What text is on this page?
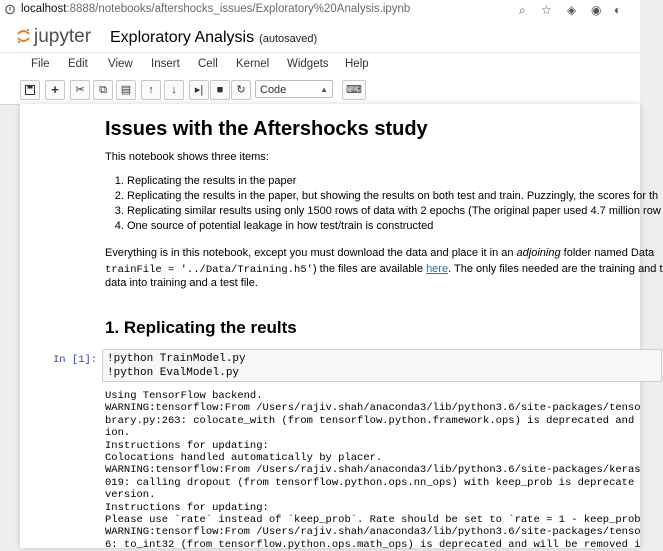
localhost:8888/notebooks/aftershocks_issues/Exploratory%20Analysis.ipynb	⌕ ☆ ◈ ◉ ◐
jupyter Exploratory Analysis (autosaved)
File Edit View Insert Cell Kernel Widgets Help
+	✂	⧉	▤	↑	↓	▸|	■	↻	Code	▲	⌨
Issues with the Aftershocks study
This notebook shows three items:
1. Replicating the results in the paper
2. Replicating the results in the paper, but showing the results on both test and train. Puzzingly, the scores for th
3. Replicating similar results using only 1500 rows of data with 2 epochs (The original paper used 4.7 million row
4. One source of potential leakage in how test/train is constructed
Everything is in this notebook, except you must download the data and place it in an adjoining folder named Data
trainFile = '../Data/Training.h5') the files are available here. The only files needed are the training and t
data into training and a test file.
1. Replicating the reults
In [1]: !python TrainModel.py
!python EvalModel.py
Using TensorFlow backend.
WARNING:tensorflow:From /Users/rajiv.shah/anaconda3/lib/python3.6/site-packages/tenso
brary.py:263: colocate_with (from tensorflow.python.framework.ops) is deprecated and
ion.
Instructions for updating:
Colocations handled automatically by placer.
WARNING:tensorflow:From /Users/rajiv.shah/anaconda3/lib/python3.6/site-packages/keras
019: calling dropout (from tensorflow.python.ops.nn_ops) with keep_prob is deprecate
version.
Instructions for updating:
Please use `rate` instead of `keep_prob`. Rate should be set to `rate = 1 - keep_prob
WARNING:tensorflow:From /Users/rajiv.shah/anaconda3/lib/python3.6/site-packages/tenso
6: to_int32 (from tensorflow.python.ops.math_ops) is deprecated and will be removed i
